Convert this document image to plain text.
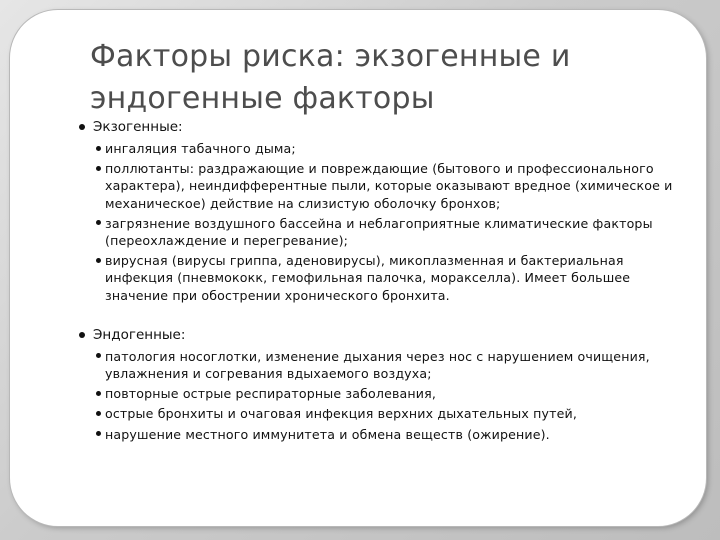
Факторы риска: экзогенные и эндогенные факторы
Экзогенные:
ингаляция табачного дыма;
поллютанты: раздражающие и повреждающие (бытового и профессионального характера), неиндифферентные пыли, которые оказывают вредное (химическое и механическое) действие на слизистую оболочку бронхов;
загрязнение воздушного бассейна и неблагоприятные климатические факторы (переохлаждение и перегревание);
вирусная (вирусы гриппа, аденовирусы), микоплазменная и бактериальная инфекция (пневмококк, гемофильная палочка, моракселла). Имеет большее значение при обострении хронического бронхита.
Эндогенные:
патология носоглотки, изменение дыхания через нос с нарушением очищения, увлажнения и согревания вдыхаемого воздуха;
повторные острые респираторные заболевания,
острые бронхиты и очаговая инфекция верхних дыхательных путей,
нарушение местного иммунитета и обмена веществ (ожирение).
